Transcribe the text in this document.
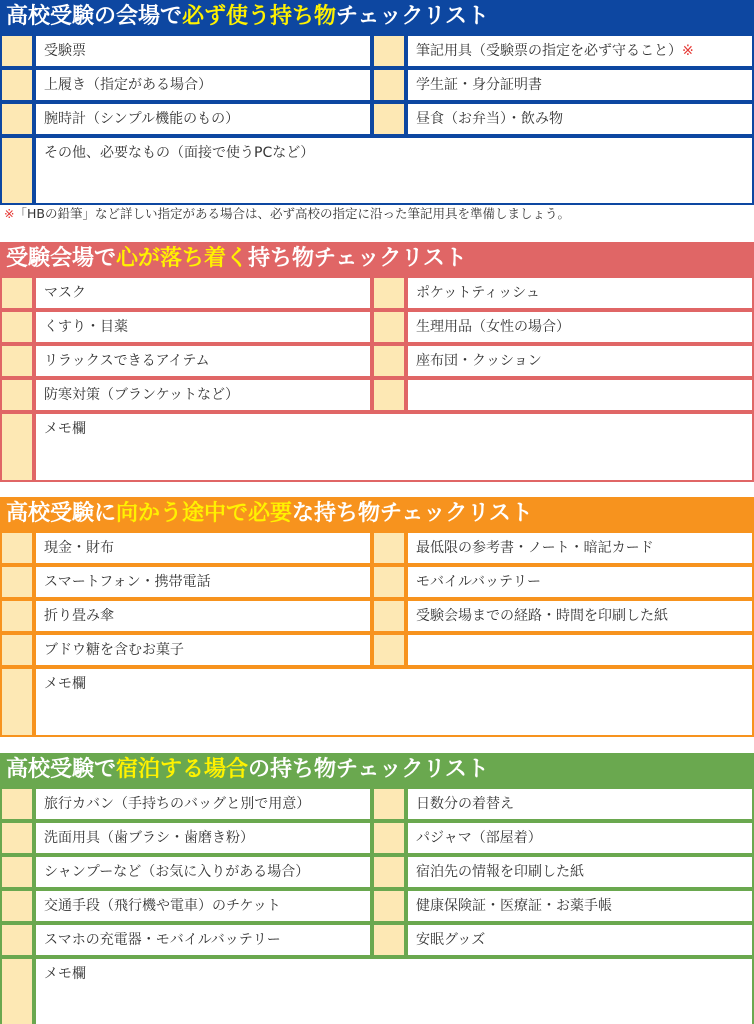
高校受験の会場で必ず使う持ち物チェックリスト
受験票	筆記用具（受験票の指定を必ず守ること）※
上履き（指定がある場合）	学生証・身分証明書
腕時計（シンプル機能のもの）	昼食（お弁当）・飲み物
その他、必要なもの（面接で使うPCなど）
※「HBの鉛筆」など詳しい指定がある場合は、必ず高校の指定に沿った筆記用具を準備しましょう。
受験会場で心が落ち着く持ち物チェックリスト
マスク	ポケットティッシュ
くすり・目薬	生理用品（女性の場合）
リラックスできるアイテム	座布団・クッション
防寒対策（ブランケットなど）
メモ欄
高校受験に向かう途中で必要な持ち物チェックリスト
現金・財布	最低限の参考書・ノート・暗記カード
スマートフォン・携帯電話	モバイルバッテリー
折り畳み傘	受験会場までの経路・時間を印刷した紙
ブドウ糖を含むお菓子
メモ欄
高校受験で宿泊する場合の持ち物チェックリスト
旅行カバン（手持ちのバッグと別で用意）	日数分の着替え
洗面用具（歯ブラシ・歯磨き粉）	パジャマ（部屋着）
シャンプーなど（お気に入りがある場合）	宿泊先の情報を印刷した紙
交通手段（飛行機や電車）のチケット	健康保険証・医療証・お薬手帳
スマホの充電器・モバイルバッテリー	安眠グッズ
メモ欄
